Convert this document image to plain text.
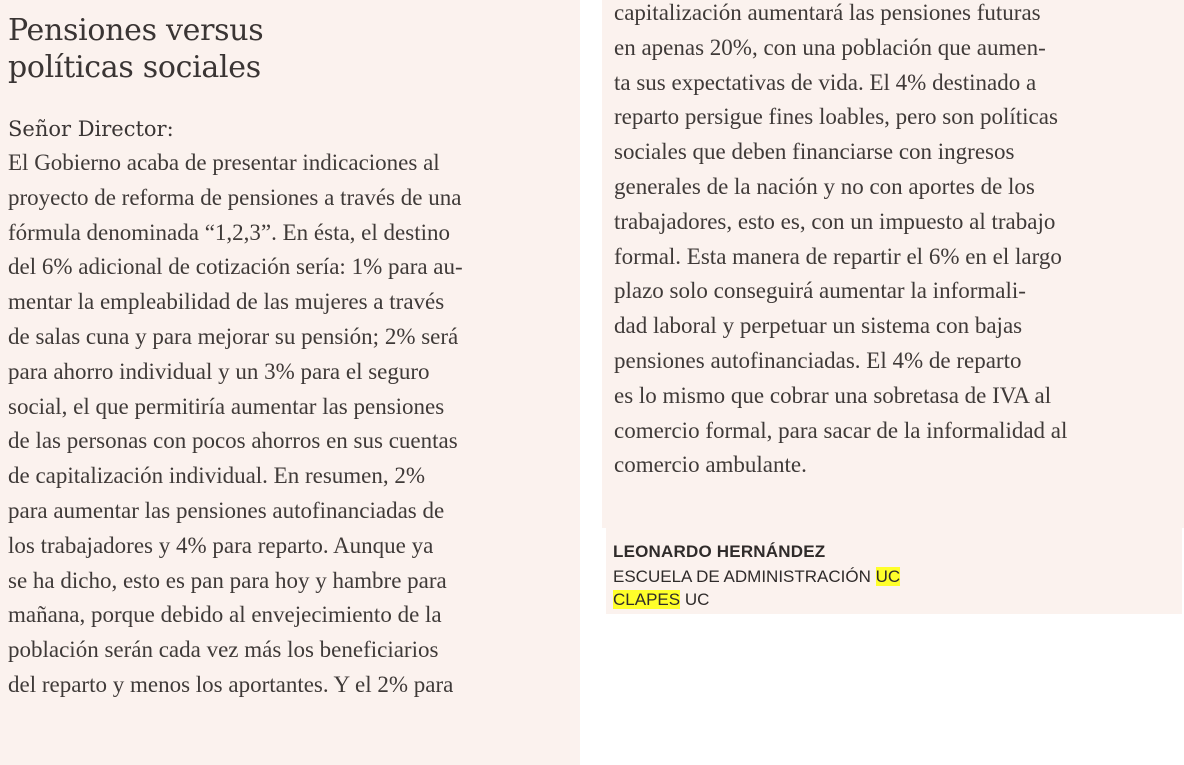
Pensiones versus
políticas sociales

Señor Director:

El Gobierno acaba de presentar indicaciones al
proyecto de reforma de pensiones a través de una
fórmula denominada “1,2,3”. En ésta, el destino
del 6% adicional de cotización sería: 1% para au-
mentar la empleabilidad de las mujeres a través
de salas cuna y para mejorar su pensión; 2% será
para ahorro individual y un 3% para el seguro
social, el que permitiría aumentar las pensiones
de las personas con pocos ahorros en sus cuentas
de capitalización individual. En resumen, 2%
para aumentar las pensiones autofinanciadas de
los trabajadores y 4% para reparto. Aunque ya
se ha dicho, esto es pan para hoy y hambre para
mañana, porque debido al envejecimiento de la
población serán cada vez más los beneficiarios
del reparto y menos los aportantes. Y el 2% para

capitalización aumentará las pensiones futuras
en apenas 20%, con una población que aumen-
ta sus expectativas de vida. El 4% destinado a
reparto persigue fines loables, pero son políticas
sociales que deben financiarse con ingresos
generales de la nación y no con aportes de los
trabajadores, esto es, con un impuesto al trabajo
formal. Esta manera de repartir el 6% en el largo
plazo solo conseguirá aumentar la informali-
dad laboral y perpetuar un sistema con bajas
pensiones autofinanciadas. El 4% de reparto
es lo mismo que cobrar una sobretasa de IVA al
comercio formal, para sacar de la informalidad al
comercio ambulante.

LEONARDO HERNÁNDEZ
ESCUELA DE ADMINISTRACIÓN UC
CLAPES UC
